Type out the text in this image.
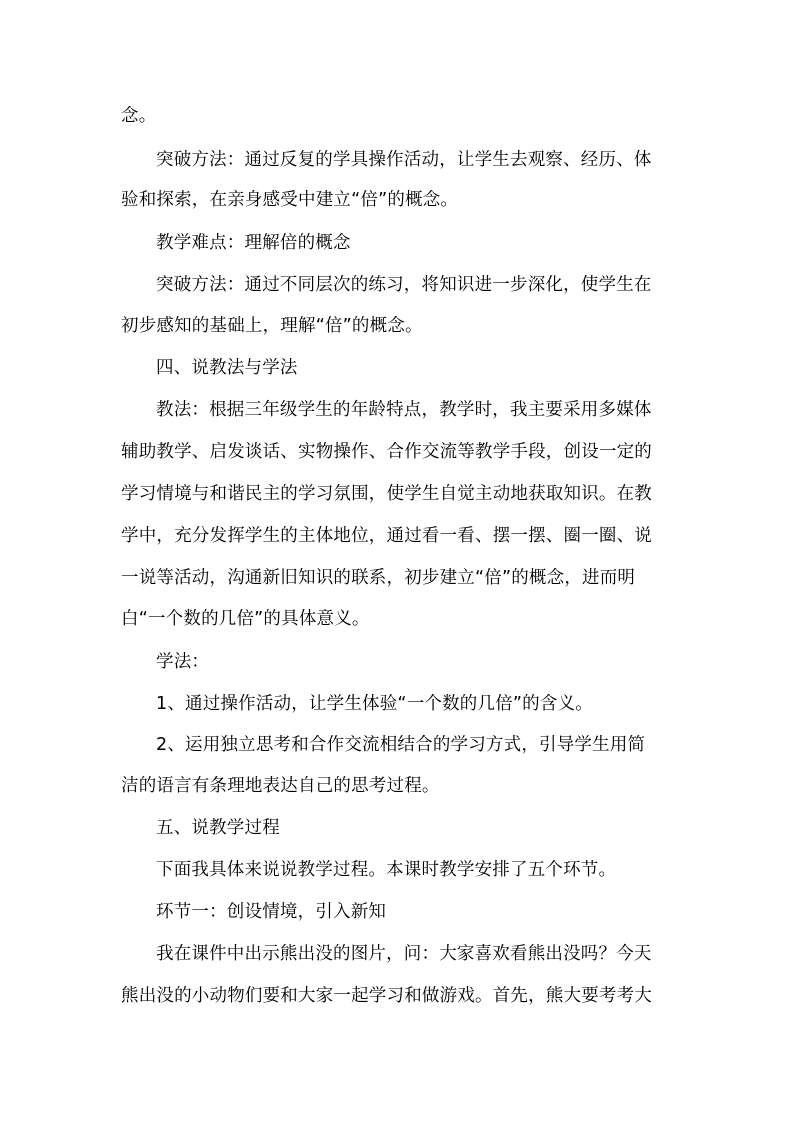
念。
突破方法：通过反复的学具操作活动，让学生去观察、经历、体
验和探索，在亲身感受中建立“倍”的概念。
教学难点：理解倍的概念
突破方法：通过不同层次的练习，将知识进一步深化，使学生在
初步感知的基础上，理解“倍”的概念。
四、说教法与学法
教法：根据三年级学生的年龄特点，教学时，我主要采用多媒体
辅助教学、启发谈话、实物操作、合作交流等教学手段，创设一定的
学习情境与和谐民主的学习氛围，使学生自觉主动地获取知识。在教
学中，充分发挥学生的主体地位，通过看一看、摆一摆、圈一圈、说
一说等活动，沟通新旧知识的联系，初步建立“倍”的概念，进而明
白“一个数的几倍”的具体意义。
学法：
1、通过操作活动，让学生体验“一个数的几倍”的含义。
2、运用独立思考和合作交流相结合的学习方式，引导学生用简
洁的语言有条理地表达自己的思考过程。
五、说教学过程
下面我具体来说说教学过程。本课时教学安排了五个环节。
环节一：创设情境，引入新知
我在课件中出示熊出没的图片，问：大家喜欢看熊出没吗？今天
熊出没的小动物们要和大家一起学习和做游戏。首先，熊大要考考大
